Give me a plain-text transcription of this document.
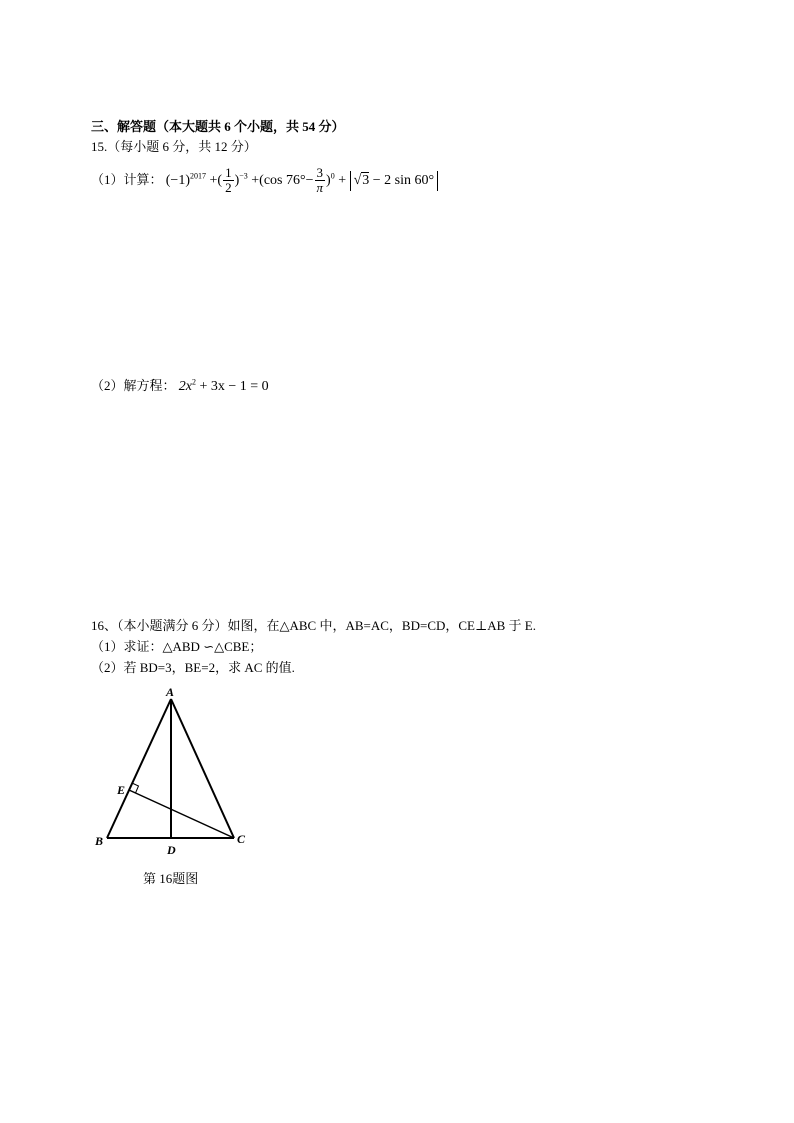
三、解答题（本大题共 6 个小题，共 54 分）
15.（每小题 6 分，共 12 分）
（1）计算： $(-1)^{2017}$ +( $\frac{1}{2} )^{-3} +(\cos$ $76^\circ- \frac{3}{\pi} )^0 + √3 - 2$ sin 60°
（2）解方程： $2x^2 + 3x - 1 = 0$
16、（本小题满分 6 分）如图，在△ABC 中，AB=AC，BD=CD，CE⊥AB 于 E.
（1）求证：△ABD ∽△CBE；
（2）若 BD=3，BE=2，求 AC 的值.
A
B	C
D
E
第 16题图
